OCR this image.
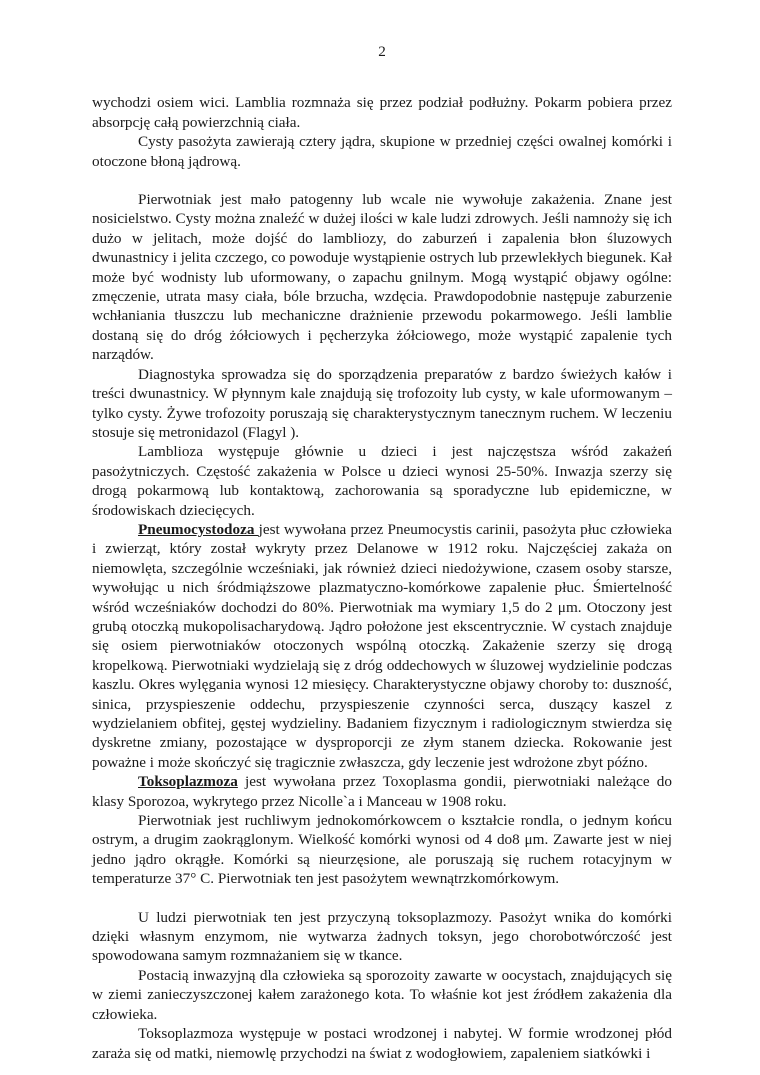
2

wychodzi osiem wici. Lamblia rozmnaża się przez podział podłużny. Pokarm pobiera przez absorpcję całą powierzchnią ciała.

Cysty pasożyta zawierają cztery jądra, skupione w przedniej części owalnej komórki i otoczone błoną jądrową.

Pierwotniak jest mało patogenny lub wcale nie wywołuje zakażenia. Znane jest nosicielstwo. Cysty można znaleźć w dużej ilości w kale ludzi zdrowych. Jeśli namnoży się ich dużo w jelitach, może dojść do lambliozy, do zaburzeń i zapalenia błon śluzowych dwunastnicy i jelita czczego, co powoduje wystąpienie ostrych lub przewlekłych biegunek. Kał może być wodnisty lub uformowany, o zapachu gnilnym. Mogą wystąpić objawy ogólne: zmęczenie, utrata masy ciała, bóle brzucha, wzdęcia. Prawdopodobnie następuje zaburzenie wchłaniania tłuszczu lub mechaniczne drażnienie przewodu pokarmowego. Jeśli lamblie dostaną się do dróg żółciowych i pęcherzyka żółciowego, może wystąpić zapalenie tych narządów.

Diagnostyka sprowadza się do sporządzenia preparatów z bardzo świeżych kałów i treści dwunastnicy. W płynnym kale znajdują się trofozoity lub cysty, w kale uformowanym – tylko cysty. Żywe trofozoity poruszają się charakterystycznym tanecznym ruchem. W leczeniu stosuje się metronidazol (Flagyl ).

Lamblioza występuje głównie u dzieci i jest najczęstsza wśród zakażeń pasożytniczych. Częstość zakażenia w Polsce u dzieci wynosi 25-50%. Inwazja szerzy się drogą pokarmową lub kontaktową, zachorowania są sporadyczne lub epidemiczne, w środowiskach dziecięcych.

Pneumocystodoza jest wywołana przez Pneumocystis carinii, pasożyta płuc człowieka i zwierząt, który został wykryty przez Delanowe w 1912 roku. Najczęściej zakaża on niemowlęta, szczególnie wcześniaki, jak również dzieci niedożywione, czasem osoby starsze, wywołując u nich śródmiąższowe plazmatyczno-komórkowe zapalenie płuc. Śmiertelność wśród wcześniaków dochodzi do 80%. Pierwotniak ma wymiary 1,5 do 2 μm. Otoczony jest grubą otoczką mukopolisacharydową. Jądro położone jest ekscentrycznie. W cystach znajduje się osiem pierwotniaków otoczonych wspólną otoczką. Zakażenie szerzy się drogą kropelkową. Pierwotniaki wydzielają się z dróg oddechowych w śluzowej wydzielinie podczas kaszlu. Okres wylęgania wynosi 12 miesięcy. Charakterystyczne objawy choroby to: duszność, sinica, przyspieszenie oddechu, przyspieszenie czynności serca, duszący kaszel z wydzielaniem obfitej, gęstej wydzieliny. Badaniem fizycznym i radiologicznym stwierdza się dyskretne zmiany, pozostające w dysproporcji ze złym stanem dziecka. Rokowanie jest poważne i może skończyć się tragicznie zwłaszcza, gdy leczenie jest wdrożone zbyt późno.

Toksoplazmoza jest wywołana przez Toxoplasma gondii, pierwotniaki należące do klasy Sporozoa, wykrytego przez Nicolle`a i Manceau w 1908 roku.

Pierwotniak jest ruchliwym jednokomórkowcem o kształcie rondla, o jednym końcu ostrym, a drugim zaokrąglonym. Wielkość komórki wynosi od 4 do8 μm. Zawarte jest w niej jedno jądro okrągłe. Komórki są nieurzęsione, ale poruszają się ruchem rotacyjnym w temperaturze 37° C. Pierwotniak ten jest pasożytem wewnątrzkomórkowym.

U ludzi pierwotniak ten jest przyczyną toksoplazmozy. Pasożyt wnika do komórki dzięki własnym enzymom, nie wytwarza żadnych toksyn, jego chorobotwórczość jest spowodowana samym rozmnażaniem się w tkance.

Postacią inwazyjną dla człowieka są sporozoity zawarte w oocystach, znajdujących się w ziemi zanieczyszczonej kałem zarażonego kota. To właśnie kot jest źródłem zakażenia dla człowieka.

Toksoplazmoza występuje w postaci wrodzonej i nabytej. W formie wrodzonej płód zaraża się od matki, niemowlę przychodzi na świat z wodogłowiem, zapaleniem siatkówki i
